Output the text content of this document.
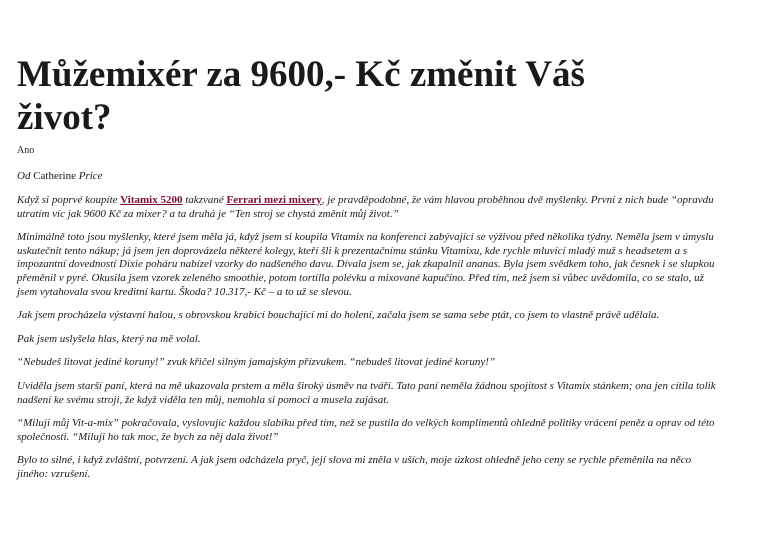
Můžemixér za 9600,- Kč změnit Váš život?
Ano
Od Catherine Price

Když si poprvé koupíte Vitamix 5200 takzvané Ferrari mezi mixery, je pravděpodobné, že vám hlavou proběhnou dvě myšlenky. První z nich bude “opravdu utratím víc jak 9600 Kč za mixer? a ta druhá je “Ten stroj se chystá změnit můj život.”

Minimálně toto jsou myšlenky, které jsem měla já, když jsem si koupila Vitamix na konferenci zabývající se výživou před několika týdny. Neměla jsem v úmyslu uskutečnit tento nákup; já jsem jen doprovázela některé kolegy, kteří šli k prezentačnímu stánku Vitamixu, kde rychle mluvící mladý muž s headsetem a s impozantní dovedností Dixie poháru nabízel vzorky do nadšeného davu. Dívala jsem se, jak zkapalnil ananas. Byla jsem svědkem toho, jak česnek i se slupkou přeměnil v pyré. Okusila jsem vzorek zeleného smoothie, potom tortilla polévku a mixované kapučíno. Před tím, než jsem si vůbec uvědomila, co se stalo, už jsem vytahovala svou kreditní kartu. Škoda? 10.317,- Kč – a to už se slevou.

Jak jsem procházela výstavní halou, s obrovskou krabicí bouchající mi do holení, začala jsem se sama sebe ptát, co jsem to vlastně právě udělala.

Pak jsem uslyšela hlas, který na mě volal.

“Nebudeš litovat jediné koruny!” zvuk křičel silným jamajským přízvukem. “nebudeš litovat jediné koruny!”

Uviděla jsem starší paní, která na mě ukazovala prstem a měla široký úsměv na tváři. Tato paní neměla žádnou spojitost s Vitamix stánkem; ona jen cítila tolik nadšení ke svému stroji, že když viděla ten můj, nemohla si pomoci a musela zajásat.

“Miluji můj Vit-a-mix” pokračovala, vyslovujíc každou slabiku před tím, než se pustila do velkých komplimentů ohledně politiky vrácení peněz a oprav od této společnosti. “Miluji ho tak moc, že bych za něj dala život!”

Bylo to silné, i když zvláštní, potvrzení. A jak jsem odcházela pryč, její slova mi zněla v uších, moje úzkost ohledně jeho ceny se rychle přeměnila na něco jiného: vzrušení.
